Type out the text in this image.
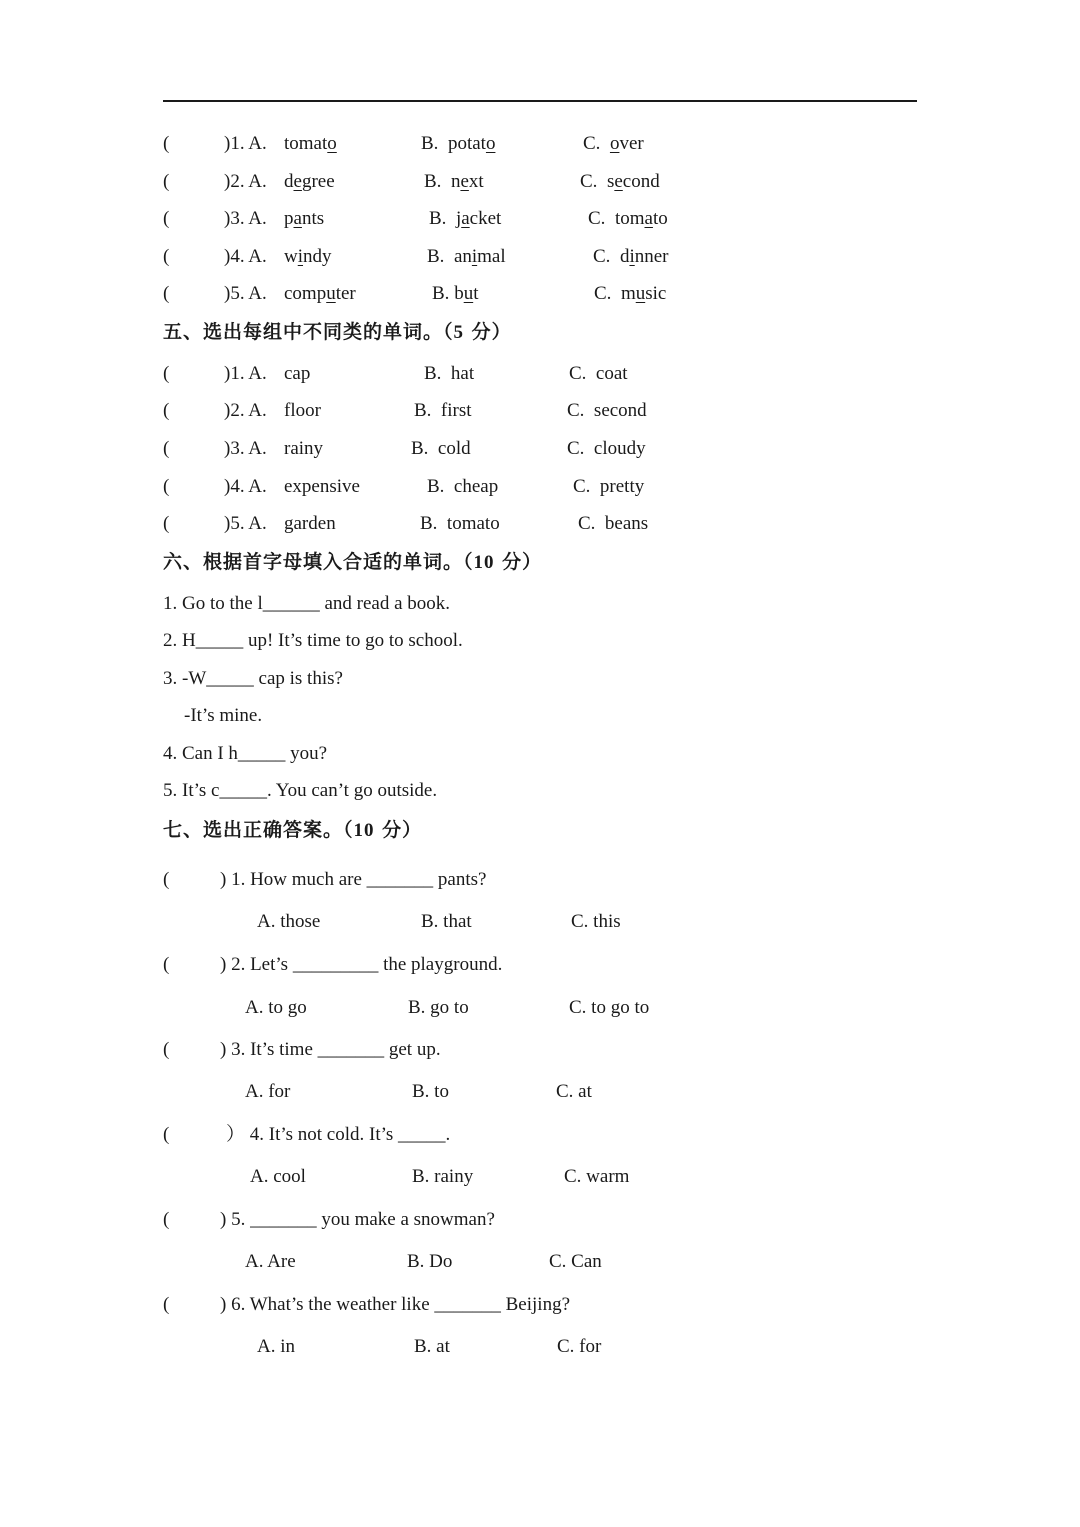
(	)1. A. tomato	B. potato	C. over
(	)2. A. degree	B. next	C. second
(	)3. A. pants	B. jacket	C. tomato
(	)4. A. windy	B. animal	C. dinner
(	)5. A. computer	B. but	C. music
五、选出每组中不同类的单词。（5 分）
(	)1. A. cap	B.  hat	C.  coat
(	)2. A. floor	B.  first	C.  second
(	)3. A. rainy	B.  cold	C.  cloudy
(	)4. A. expensive	B.  cheap	C.  pretty
(	)5. A. garden	B.  tomato	C.  beans
六、根据首字母填入合适的单词。（10 分）
1. Go to the l______ and read a book.
2. H_____ up! It’s time to go to school.
3. -W_____ cap is this?
-It’s mine.
4. Can I h_____ you?
5. It’s c_____. You can’t go outside.
七、选出正确答案。（10 分）
(	) 1. How much are _______ pants?
A. those	B. that	C. this
(	) 2. Let’s _________ the playground.
A. to go	B. go to	C. to go to
(	) 3. It’s time _______ get up.
A. for	B. to	C. at
(	） 4. It’s not cold. It’s _____.
A. cool	B. rainy	C. warm
(	) 5. _______ you make a snowman?
A. Are	B. Do	C. Can
(	) 6. What’s the weather like _______ Beijing?
A. in	B. at	C. for
